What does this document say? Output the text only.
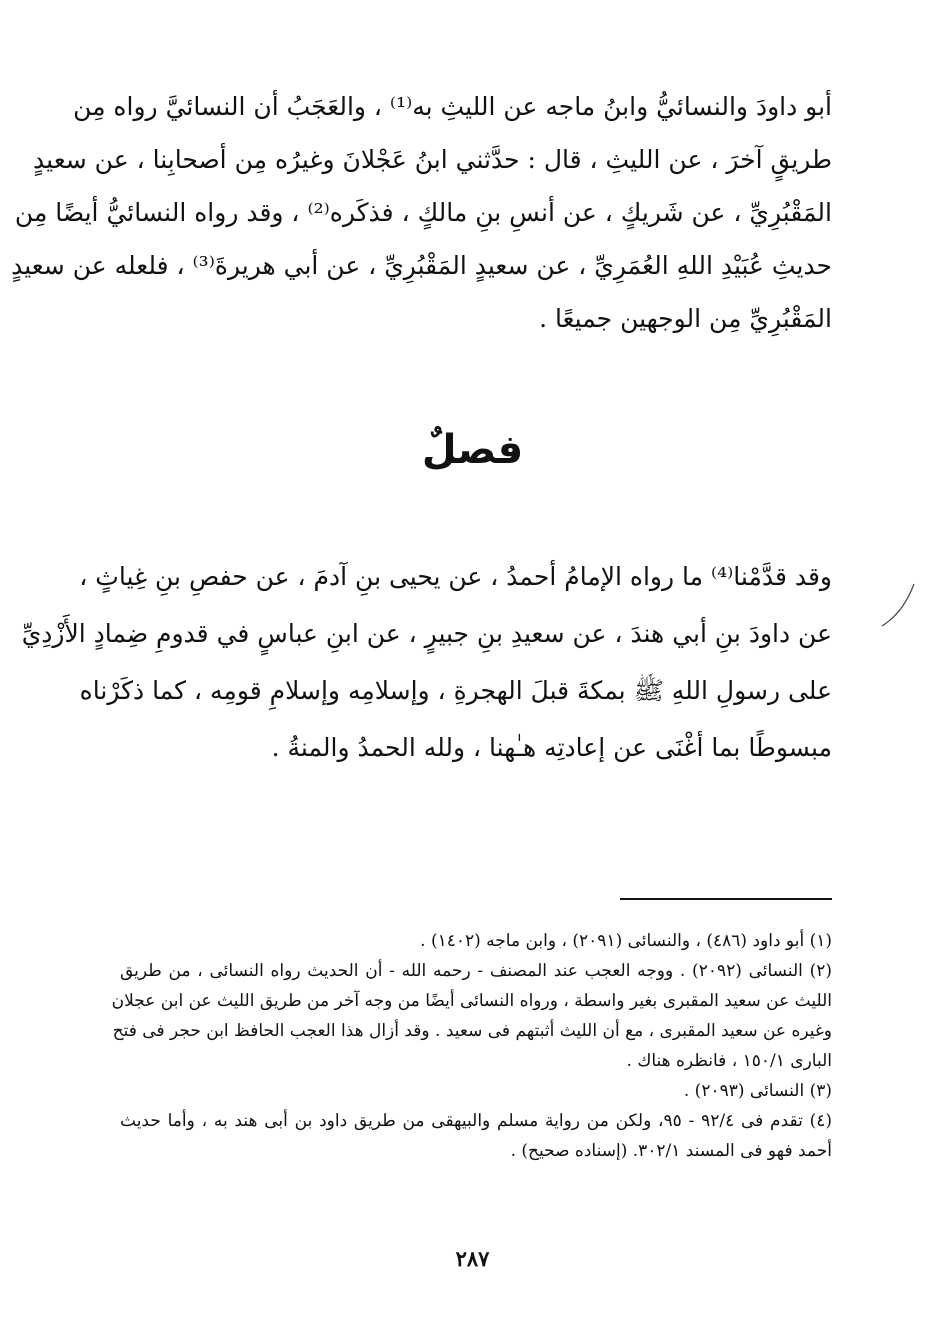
أبو داودَ والنسائيُّ وابنُ ماجه عن الليثِ به⁽¹⁾ ، والعَجَبُ أن النسائيَّ رواه مِن
طريقٍ آخرَ ، عن الليثِ ، قال : حدَّثني ابنُ عَجْلانَ وغيرُه مِن أصحابِنا ، عن سعيدٍ
المَقْبُرِيِّ ، عن شَريكٍ ، عن أنسِ بنِ مالكٍ ، فذكَره⁽²⁾ ، وقد رواه النسائيُّ أيضًا مِن
حديثِ عُبَيْدِ اللهِ العُمَرِيِّ ، عن سعيدٍ المَقْبُرِيِّ ، عن أبي هريرةَ⁽³⁾ ، فلعله عن سعيدٍ
المَقْبُرِيِّ مِن الوجهين جميعًا .
فصلٌ
وقد قدَّمْنا⁽⁴⁾ ما رواه الإمامُ أحمدُ ، عن يحيى بنِ آدمَ ، عن حفصِ بنِ غِياثٍ ،
عن داودَ بنِ أبي هندَ ، عن سعيدِ بنِ جبيرٍ ، عن ابنِ عباسٍ في قدومِ ضِمادٍ الأَزْدِيِّ
على رسولِ اللهِ ﷺ بمكةَ قبلَ الهجرةِ ، وإسلامِه وإسلامِ قومِه ، كما ذكَرْناه
مبسوطًا بما أغْنَى عن إعادتِه هـٰهنا ، ولله الحمدُ والمنةُ .
(١) أبو داود (٤٨٦) ، والنسائى (٢٠٩١) ، وابن ماجه (١٤٠٢) .
(٢) النسائى (٢٠٩٢) . ووجه العجب عند المصنف - رحمه الله - أن الحديث رواه النسائى ، من طريق
الليث عن سعيد المقبرى بغير واسطة ، ورواه النسائى أيضًا من وجه آخر من طريق الليث عن ابن عجلان
وغيره عن سعيد المقبرى ، مع أن الليث أثبتهم فى سعيد . وقد أزال هذا العجب الحافظ ابن حجر فى فتح
البارى ١٥٠/١ ، فانظره هناك .
(٣) النسائى (٢٠٩٣) .
(٤) تقدم فى ٩٢/٤ - ٩٥، ولكن من رواية مسلم والبيهقى من طريق داود بن أبى هند به ، وأما حديث
أحمد فهو فى المسند ٣٠٢/١. (إسناده صحيح) .
٢٨٧
